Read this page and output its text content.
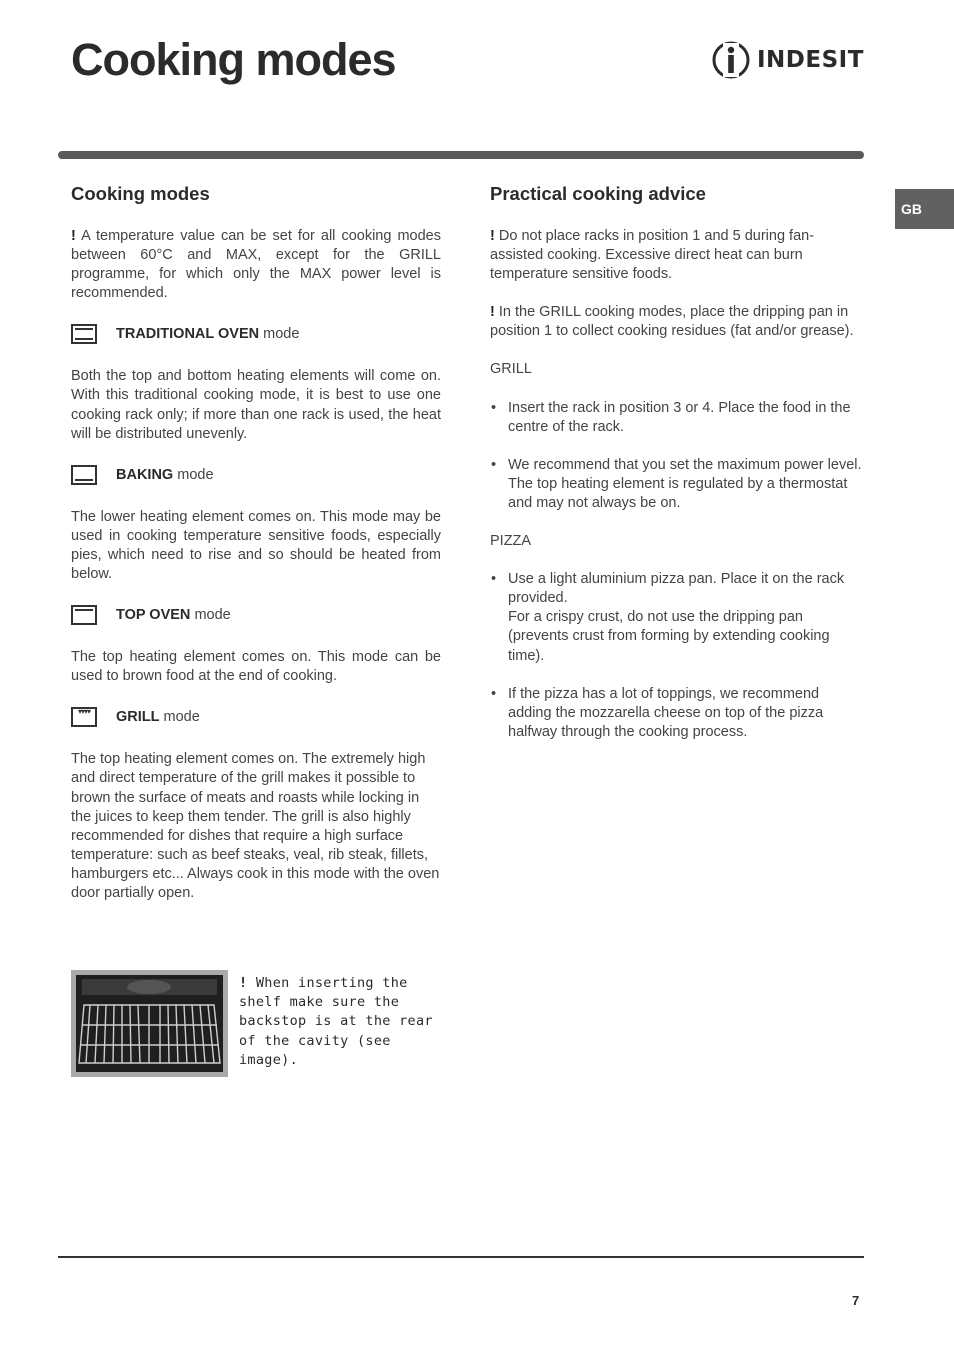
Cooking modes	INDESIT
GB
Cooking modes

! A temperature value can be set for all cooking modes between 60°C and MAX, except for the GRILL programme, for which only the MAX power level is recommended.

TRADITIONAL OVEN mode

Both the top and bottom heating elements will come on. With this traditional cooking mode, it is best to use one cooking rack only; if more than one rack is used, the heat will be distributed unevenly.

BAKING mode

The lower heating element comes on. This mode may be used in cooking temperature sensitive foods, especially pies, which need to rise and so should be heated from below.

TOP OVEN mode

The top heating element comes on. This mode can be used to brown food at the end of cooking.

▾▾▾▾	GRILL mode

The top heating element comes on. The extremely high and direct temperature of the grill makes it possible to brown the surface of meats and roasts while locking in the juices to keep them tender. The grill is also highly recommended for dishes that require a high surface temperature: such as beef steaks, veal, rib steak, fillets, hamburgers etc... Always cook in this mode with the oven door partially open.

! When inserting the shelf make sure the backstop is at the rear of the cavity (see image).
Practical cooking advice

! Do not place racks in position 1 and 5 during fan-assisted cooking. Excessive direct heat can burn temperature sensitive foods.

! In the GRILL cooking modes, place the dripping pan in position 1 to collect cooking residues (fat and/or grease).

GRILL

• Insert the rack in position 3 or 4. Place the food in the centre of the rack.
• We recommend that you set the maximum power level. The top heating element is regulated by a thermostat and may not always be on.

PIZZA

• Use a light aluminium pizza pan. Place it on the rack provided.
For a crispy crust, do not use the dripping pan (prevents crust from forming by extending cooking time).
• If the pizza has a lot of toppings, we recommend adding the mozzarella cheese on top of the pizza halfway through the cooking process.
7
